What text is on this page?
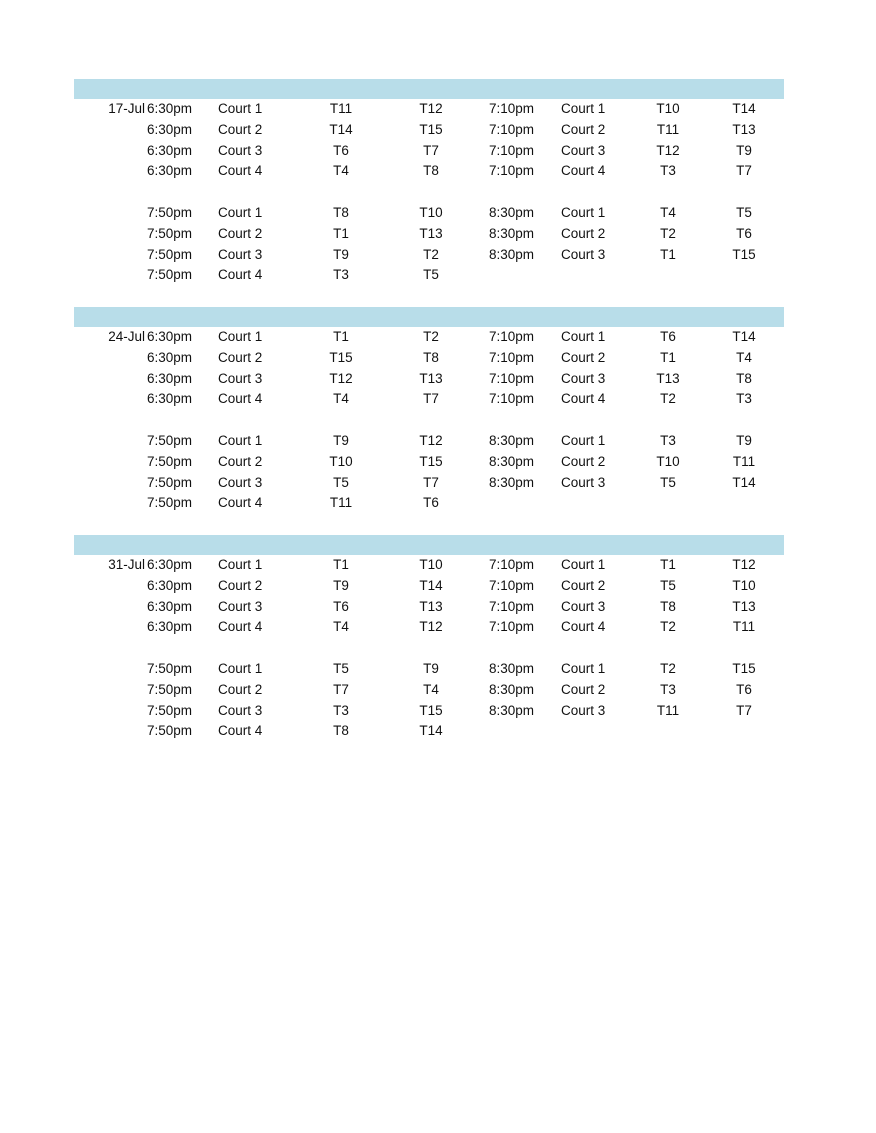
17-Jul 6:30pm Court 1	T11	T12	7:10pm Court 1	T10	T14
6:30pm Court 2	T14	T15	7:10pm Court 2	T11	T13
6:30pm Court 3	T6	T7	7:10pm Court 3	T12	T9
6:30pm Court 4	T4	T8	7:10pm Court 4	T3	T7
7:50pm Court 1	T8	T10	8:30pm Court 1	T4	T5
7:50pm Court 2	T1	T13	8:30pm Court 2	T2	T6
7:50pm Court 3	T9	T2	8:30pm Court 3	T1	T15
7:50pm Court 4	T3	T5
24-Jul 6:30pm Court 1	T1	T2	7:10pm Court 1	T6	T14
6:30pm Court 2	T15	T8	7:10pm Court 2	T1	T4
6:30pm Court 3	T12	T13	7:10pm Court 3	T13	T8
6:30pm Court 4	T4	T7	7:10pm Court 4	T2	T3
7:50pm Court 1	T9	T12	8:30pm Court 1	T3	T9
7:50pm Court 2	T10	T15	8:30pm Court 2	T10	T11
7:50pm Court 3	T5	T7	8:30pm Court 3	T5	T14
7:50pm Court 4	T11	T6
31-Jul 6:30pm Court 1	T1	T10	7:10pm Court 1	T1	T12
6:30pm Court 2	T9	T14	7:10pm Court 2	T5	T10
6:30pm Court 3	T6	T13	7:10pm Court 3	T8	T13
6:30pm Court 4	T4	T12	7:10pm Court 4	T2	T11
7:50pm Court 1	T5	T9	8:30pm Court 1	T2	T15
7:50pm Court 2	T7	T4	8:30pm Court 2	T3	T6
7:50pm Court 3	T3	T15	8:30pm Court 3	T11	T7
7:50pm Court 4	T8	T14
